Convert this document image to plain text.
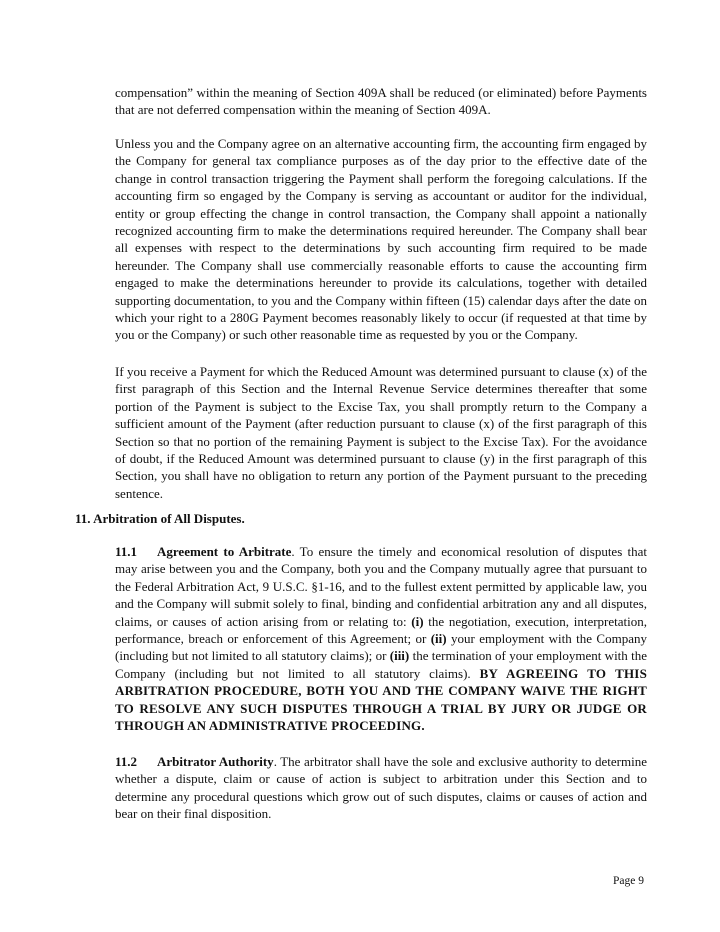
compensation” within the meaning of Section 409A shall be reduced (or eliminated) before Payments that are not deferred compensation within the meaning of Section 409A.

Unless you and the Company agree on an alternative accounting firm, the accounting firm engaged by the Company for general tax compliance purposes as of the day prior to the effective date of the change in control transaction triggering the Payment shall perform the foregoing calculations. If the accounting firm so engaged by the Company is serving as accountant or auditor for the individual, entity or group effecting the change in control transaction, the Company shall appoint a nationally recognized accounting firm to make the determinations required hereunder. The Company shall bear all expenses with respect to the determinations by such accounting firm required to be made hereunder. The Company shall use commercially reasonable efforts to cause the accounting firm engaged to make the determinations hereunder to provide its calculations, together with detailed supporting documentation, to you and the Company within fifteen (15) calendar days after the date on which your right to a 280G Payment becomes reasonably likely to occur (if requested at that time by you or the Company) or such other reasonable time as requested by you or the Company.

If you receive a Payment for which the Reduced Amount was determined pursuant to clause (x) of the first paragraph of this Section and the Internal Revenue Service determines thereafter that some portion of the Payment is subject to the Excise Tax, you shall promptly return to the Company a sufficient amount of the Payment (after reduction pursuant to clause (x) of the first paragraph of this Section so that no portion of the remaining Payment is subject to the Excise Tax). For the avoidance of doubt, if the Reduced Amount was determined pursuant to clause (y) in the first paragraph of this Section, you shall have no obligation to return any portion of the Payment pursuant to the preceding sentence.

11. Arbitration of All Disputes.

11.1 Agreement to Arbitrate. To ensure the timely and economical resolution of disputes that may arise between you and the Company, both you and the Company mutually agree that pursuant to the Federal Arbitration Act, 9 U.S.C. §1-16, and to the fullest extent permitted by applicable law, you and the Company will submit solely to final, binding and confidential arbitration any and all disputes, claims, or causes of action arising from or relating to: (i) the negotiation, execution, interpretation, performance, breach or enforcement of this Agreement; or (ii) your employment with the Company (including but not limited to all statutory claims); or (iii) the termination of your employment with the Company (including but not limited to all statutory claims). BY AGREEING TO THIS ARBITRATION PROCEDURE, BOTH YOU AND THE COMPANY WAIVE THE RIGHT TO RESOLVE ANY SUCH DISPUTES THROUGH A TRIAL BY JURY OR JUDGE OR THROUGH AN ADMINISTRATIVE PROCEEDING.

11.2 Arbitrator Authority. The arbitrator shall have the sole and exclusive authority to determine whether a dispute, claim or cause of action is subject to arbitration under this Section and to determine any procedural questions which grow out of such disputes, claims or causes of action and bear on their final disposition.

Page 9
